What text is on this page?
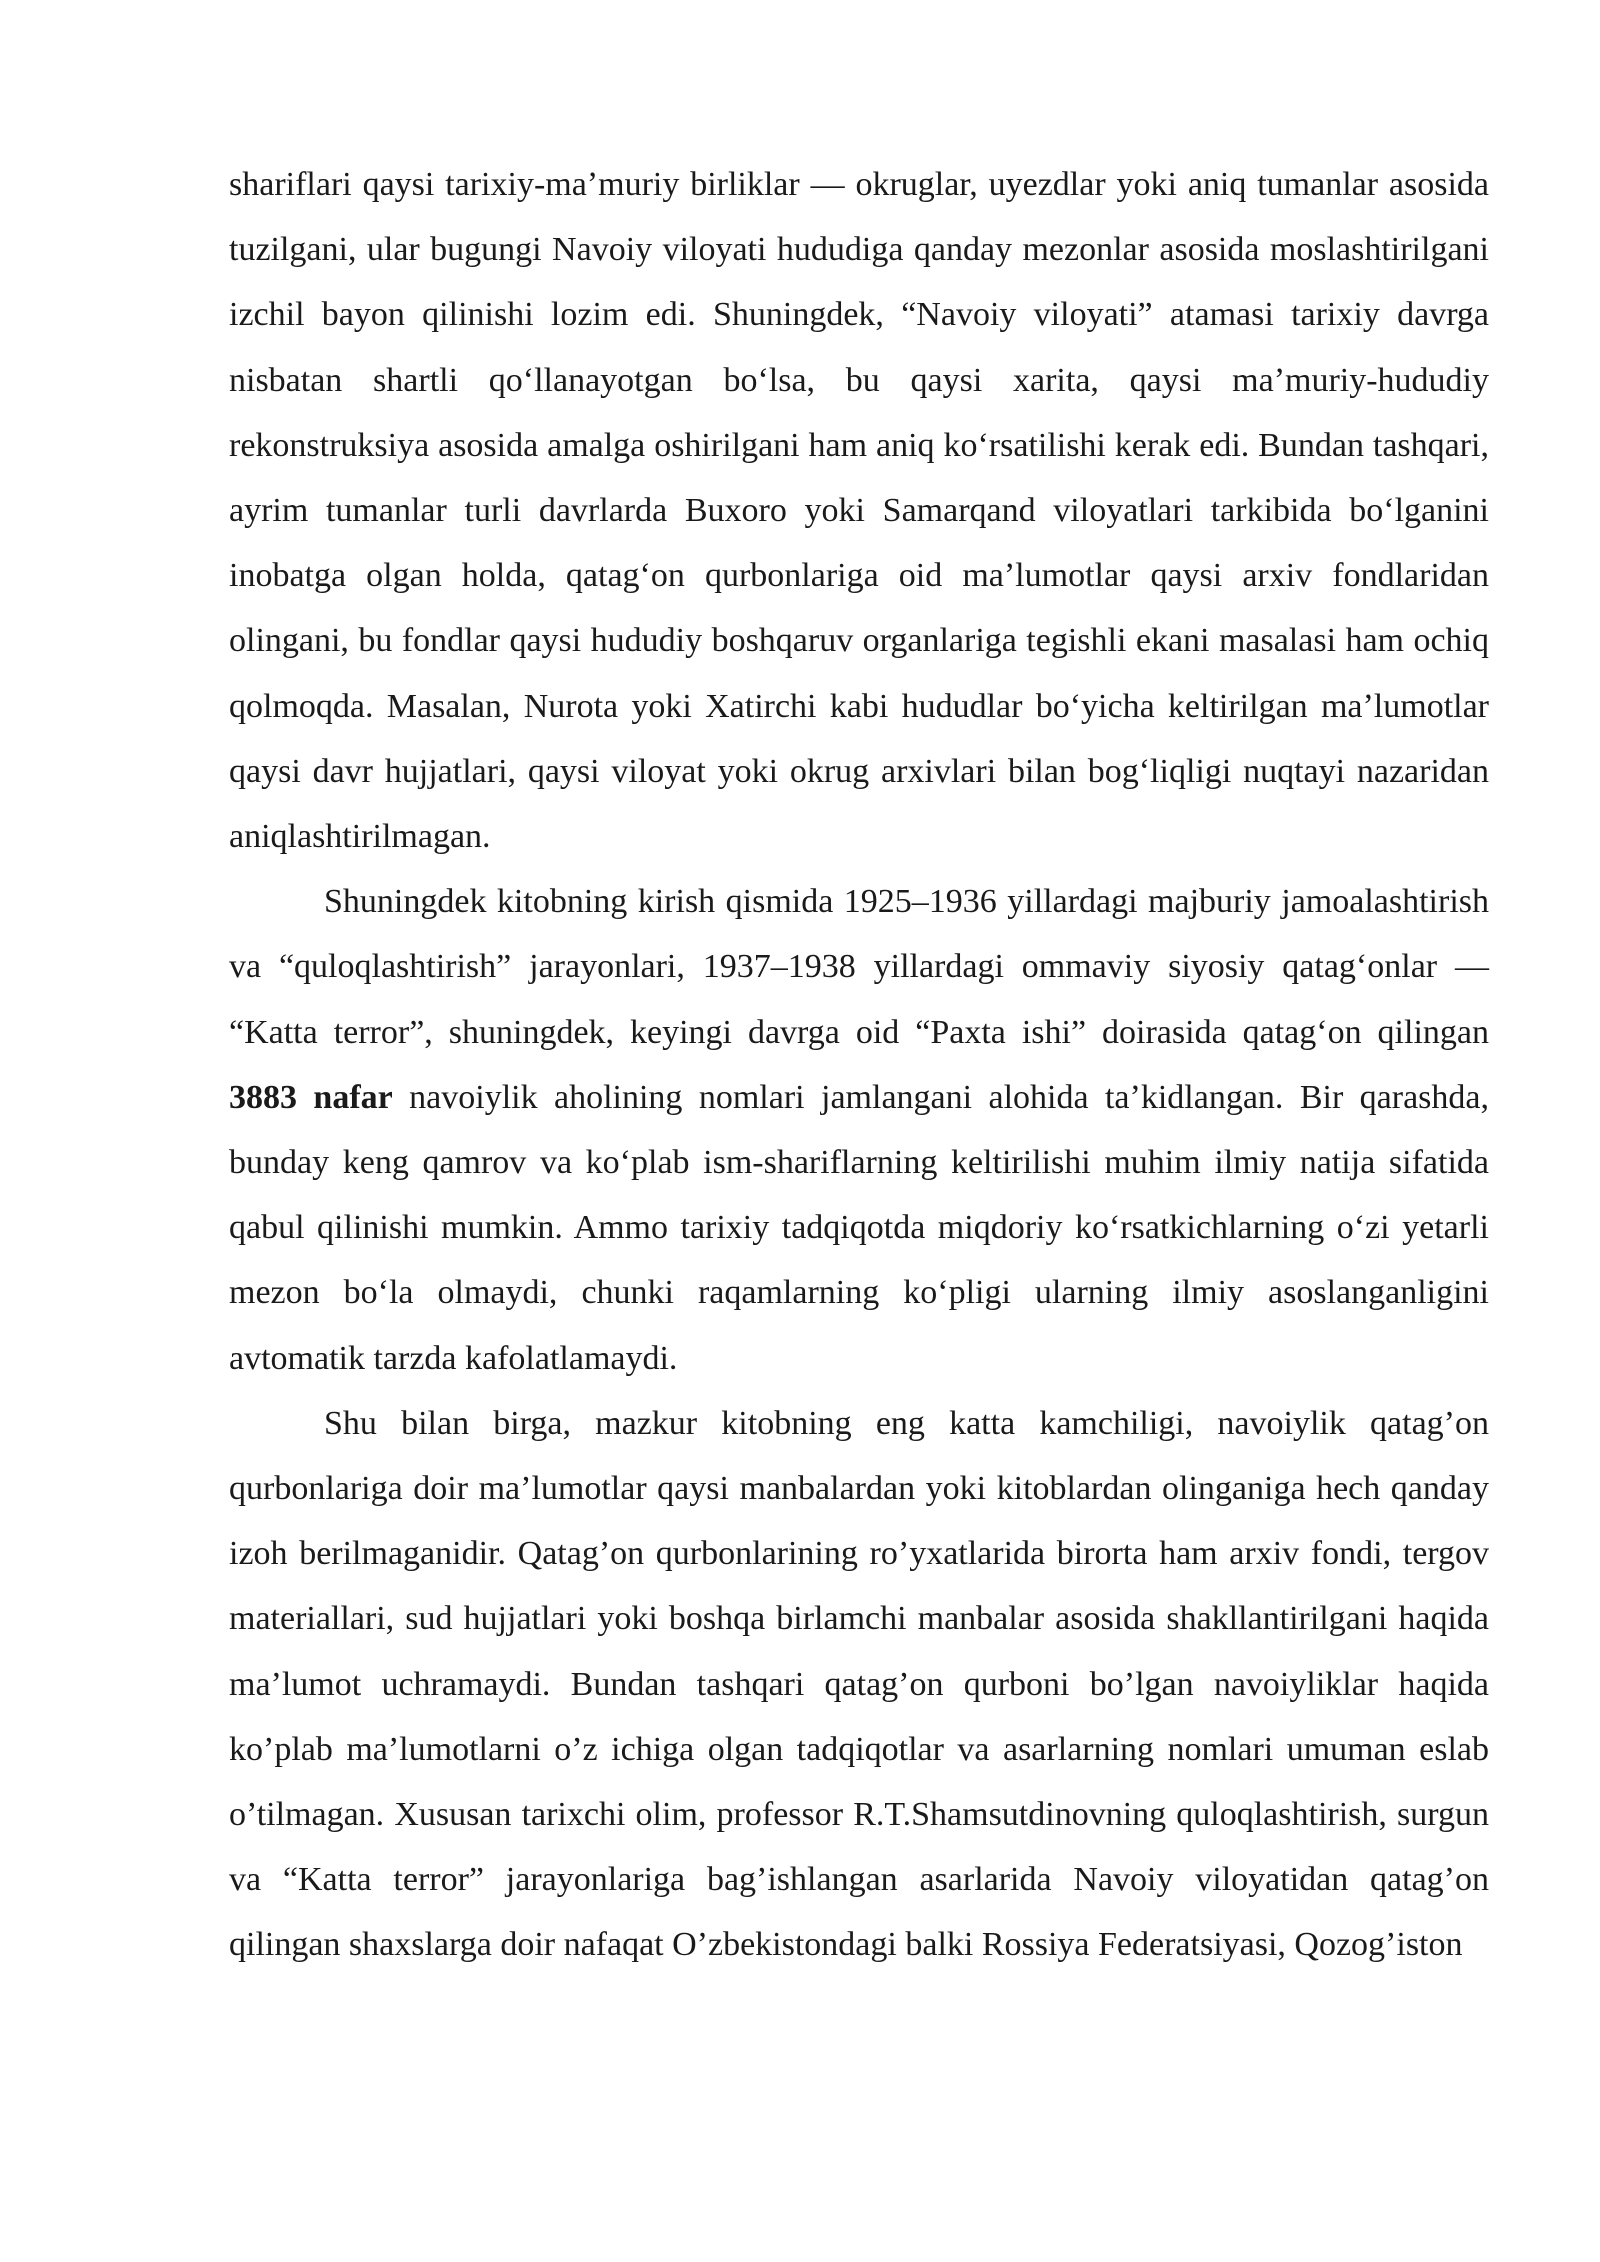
shariflari qaysi tarixiy-maʼmuriy birliklar — okruglar, uyezdlar yoki aniq tumanlar asosida tuzilgani, ular bugungi Navoiy viloyati hududiga qanday mezonlar asosida moslashtirilgani izchil bayon qilinishi lozim edi. Shuningdek, “Navoiy viloyati” atamasi tarixiy davrga nisbatan shartli qoʻllanayotgan boʻlsa, bu qaysi xarita, qaysi maʼmuriy-hududiy rekonstruksiya asosida amalga oshirilgani ham aniq koʻrsatilishi kerak edi. Bundan tashqari, ayrim tumanlar turli davrlarda Buxoro yoki Samarqand viloyatlari tarkibida boʻlganini inobatga olgan holda, qatagʻon qurbonlariga oid maʼlumotlar qaysi arxiv fondlaridan olingani, bu fondlar qaysi hududiy boshqaruv organlariga tegishli ekani masalasi ham ochiq qolmoqda. Masalan, Nurota yoki Xatirchi kabi hududlar boʻyicha keltirilgan maʼlumotlar qaysi davr hujjatlari, qaysi viloyat yoki okrug arxivlari bilan bogʻliqligi nuqtayi nazaridan aniqlashtirilmagan.

Shuningdek kitobning kirish qismida 1925–1936 yillardagi majburiy jamoalashtirish va “quloqlashtirish” jarayonlari, 1937–1938 yillardagi ommaviy siyosiy qatagʻonlar — “Katta terror”, shuningdek, keyingi davrga oid “Paxta ishi” doirasida qatagʻon qilingan 3883 nafar navoiylik aholining nomlari jamlangani alohida taʼkidlangan. Bir qarashda, bunday keng qamrov va koʻplab ism-shariflarning keltirilishi muhim ilmiy natija sifatida qabul qilinishi mumkin. Ammo tarixiy tadqiqotda miqdoriy koʻrsatkichlarning oʻzi yetarli mezon boʻla olmaydi, chunki raqamlarning koʻpligi ularning ilmiy asoslanganligini avtomatik tarzda kafolatlamaydi.

Shu bilan birga, mazkur kitobning eng katta kamchiligi, navoiylik qatag’on qurbonlariga doir ma’lumotlar qaysi manbalardan yoki kitoblardan olinganiga hech qanday izoh berilmaganidir. Qatag’on qurbonlarining ro’yxatlarida birorta ham arxiv fondi, tergov materiallari, sud hujjatlari yoki boshqa birlamchi manbalar asosida shakllantirilgani haqida ma’lumot uchramaydi. Bundan tashqari qatag’on qurboni bo’lgan navoiyliklar haqida ko’plab ma’lumotlarni o’z ichiga olgan tadqiqotlar va asarlarning nomlari umuman eslab o’tilmagan. Xususan tarixchi olim, professor R.T.Shamsutdinovning quloqlashtirish, surgun va “Katta terror” jarayonlariga bag’ishlangan asarlarida Navoiy viloyatidan qatag’on qilingan shaxslarga doir nafaqat O’zbekistondagi balki Rossiya Federatsiyasi, Qozog’iston
